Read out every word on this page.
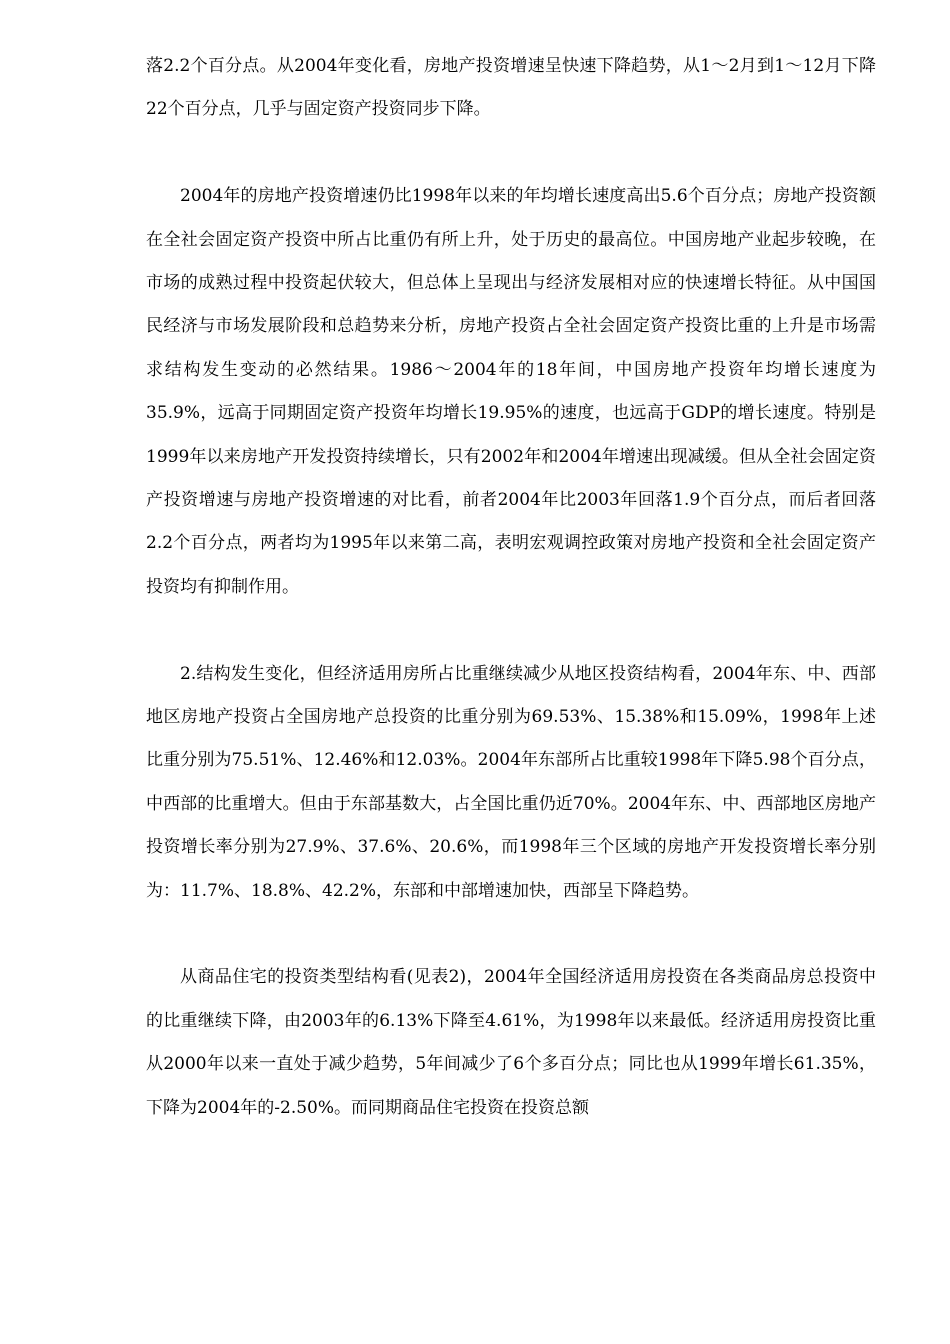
落2.2个百分点。从2004年变化看，房地产投资增速呈快速下降趋势，从1～2月到1～12月下降22个百分点，几乎与固定资产投资同步下降。

2004年的房地产投资增速仍比1998年以来的年均增长速度高出5.6个百分点；房地产投资额在全社会固定资产投资中所占比重仍有所上升，处于历史的最高位。中国房地产业起步较晚，在市场的成熟过程中投资起伏较大，但总体上呈现出与经济发展相对应的快速增长特征。从中国国民经济与市场发展阶段和总趋势来分析，房地产投资占全社会固定资产投资比重的上升是市场需求结构发生变动的必然结果。1986～2004年的18年间，中国房地产投资年均增长速度为35.9%，远高于同期固定资产投资年均增长19.95%的速度，也远高于GDP的增长速度。特别是1999年以来房地产开发投资持续增长，只有2002年和2004年增速出现减缓。但从全社会固定资产投资增速与房地产投资增速的对比看，前者2004年比2003年回落1.9个百分点，而后者回落2.2个百分点，两者均为1995年以来第二高，表明宏观调控政策对房地产投资和全社会固定资产投资均有抑制作用。

2.结构发生变化，但经济适用房所占比重继续减少从地区投资结构看，2004年东、中、西部地区房地产投资占全国房地产总投资的比重分别为69.53%、15.38%和15.09%，1998年上述比重分别为75.51%、12.46%和12.03%。2004年东部所占比重较1998年下降5.98个百分点，中西部的比重增大。但由于东部基数大，占全国比重仍近70%。2004年东、中、西部地区房地产投资增长率分别为27.9%、37.6%、20.6%，而1998年三个区域的房地产开发投资增长率分别为：11.7%、18.8%、42.2%，东部和中部增速加快，西部呈下降趋势。

从商品住宅的投资类型结构看(见表2)，2004年全国经济适用房投资在各类商品房总投资中的比重继续下降，由2003年的6.13%下降至4.61%，为1998年以来最低。经济适用房投资比重从2000年以来一直处于减少趋势，5年间减少了6个多百分点；同比也从1999年增长61.35%，下降为2004年的-2.50%。而同期商品住宅投资在投资总额
